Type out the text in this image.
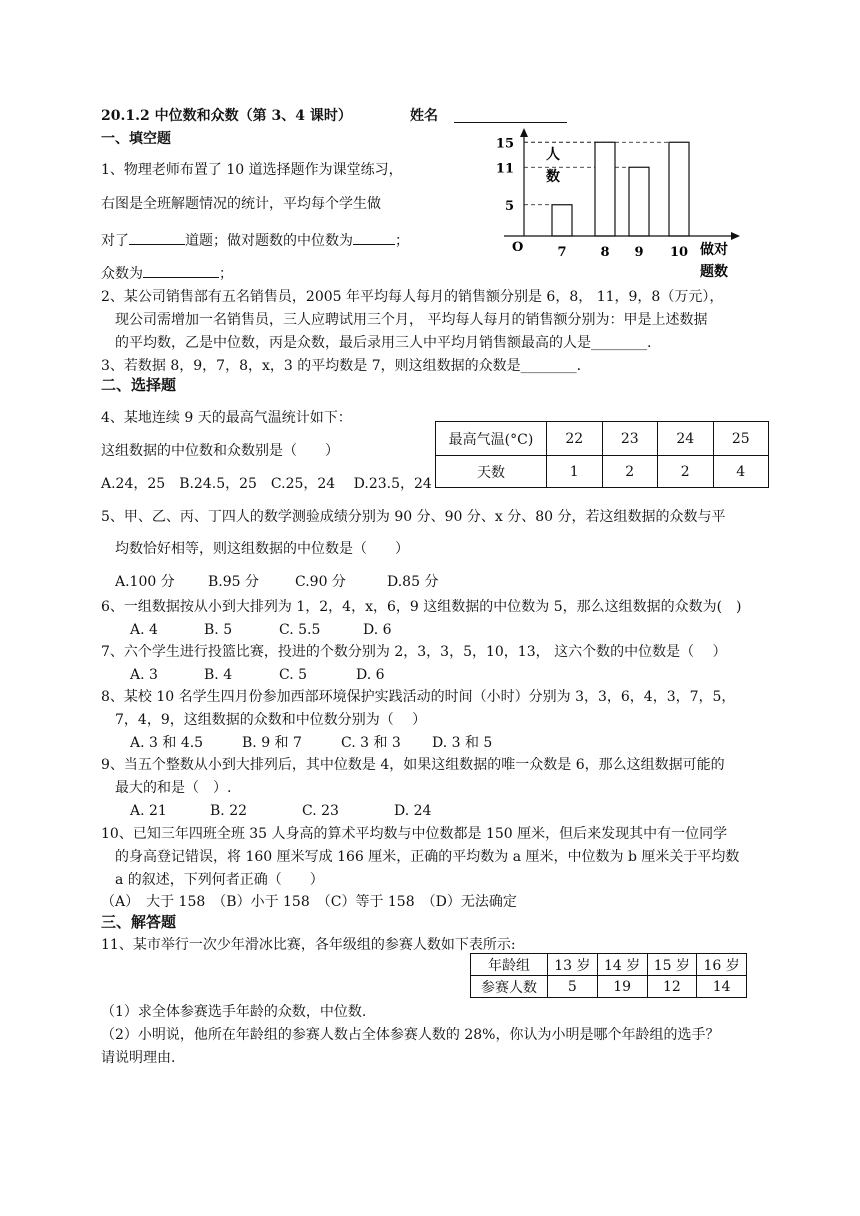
20.1.2 中位数和众数（第 3、4 课时）	姓名
一、填空题
1、物理老师布置了 10 道选择题作为课堂练习，
右图是全班解题情况的统计，平均每个学生做
对了	道题；做对题数的中位数为	；
众数为	；
5
11
15
7	8 9 10
O
人
数
做对
题数
2、某公司销售部有五名销售员，2005 年平均每人每月的销售额分别是 6，8， 11，9，8（万元），
现公司需增加一名销售员，三人应聘试用三个月， 平均每人每月的销售额分别为：甲是上述数据
的平均数，乙是中位数，丙是众数，最后录用三人中平均月销售额最高的人是________.
3、若数据 8，9，7，8，x，3 的平均数是 7，则这组数据的众数是________.
二、选择题
4、某地连续 9 天的最高气温统计如下：
这组数据的中位数和众数别是（　　）
A.24，25　B.24.5，25　C.25，24　 D.23.5，24
最高气温(°C)	22	23	24	25
天数	1	2	2	4
5、甲、乙、丙、丁四人的数学测验成绩分别为 90 分、90 分、x 分、80 分，若这组数据的众数与平
均数恰好相等，则这组数据的中位数是（　　）
A.100 分 B.95 分	C.90 分	D.85 分
6、一组数据按从小到大排列为 1，2，4，x，6，9 这组数据的中位数为 5，那么这组数据的众数为(　)
A. 4	B. 5	C. 5.5	D. 6
7、六个学生进行投篮比赛，投进的个数分别为 2，3，3，5，10，13， 这六个数的中位数是（　 ）
A. 3	B. 4	C. 5	D. 6
8、某校 10 名学生四月份参加西部环境保护实践活动的时间（小时）分别为 3，3，6，4，3，7，5，
7，4，9，这组数据的众数和中位数分别为（　 ）
A. 3 和 4.5	B. 9 和 7	C. 3 和 3 D. 3 和 5
9、当五个整数从小到大排列后，其中位数是 4，如果这组数据的唯一众数是 6，那么这组数据可能的
最大的和是（　）.
A. 21	B. 22	C. 23	D. 24
10、已知三年四班全班 35 人身高的算术平均数与中位数都是 150 厘米，但后来发现其中有一位同学
的身高登记错误，将 160 厘米写成 166 厘米，正确的平均数为 a 厘米，中位数为 b 厘米关于平均数
a 的叙述，下列何者正确（　　）
（A）　大于 158　（B）小于 158　（C）等于 158　（D）无法确定
三、解答题
11、某市举行一次少年滑冰比赛，各年级组的参赛人数如下表所示:
年龄组	13 岁	14 岁	15 岁	16 岁
参赛人数	5	19	12	14
（1）求全体参赛选手年龄的众数，中位数.
（2）小明说，他所在年龄组的参赛人数占全体参赛人数的 28%，你认为小明是哪个年龄组的选手？
请说明理由.
